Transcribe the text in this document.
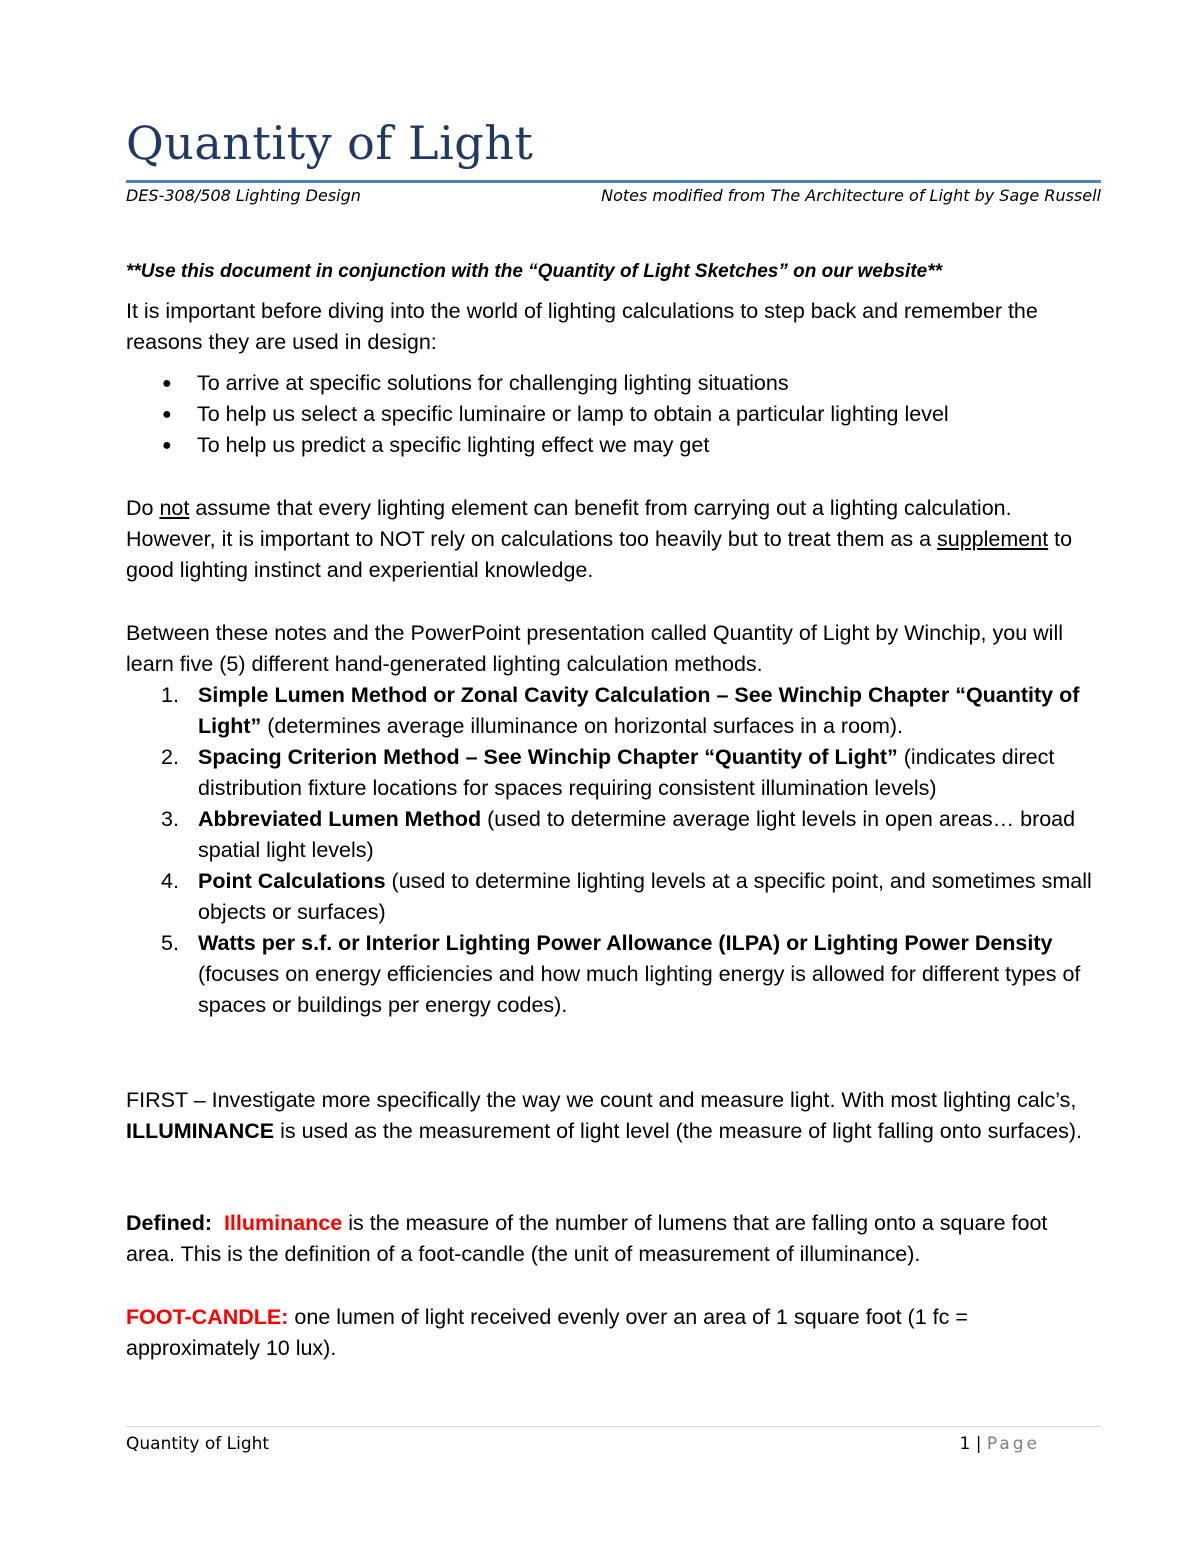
Quantity of Light
DES-308/508 Lighting Design	Notes modified from The Architecture of Light by Sage Russell
**Use this document in conjunction with the “Quantity of Light Sketches” on our website**

It is important before diving into the world of lighting calculations to step back and remember the reasons they are used in design:

● To arrive at specific solutions for challenging lighting situations
● To help us select a specific luminaire or lamp to obtain a particular lighting level
● To help us predict a specific lighting effect we may get

Do not assume that every lighting element can benefit from carrying out a lighting calculation. However, it is important to NOT rely on calculations too heavily but to treat them as a supplement to good lighting instinct and experiential knowledge.

Between these notes and the PowerPoint presentation called Quantity of Light by Winchip, you will learn five (5) different hand-generated lighting calculation methods.

1. Simple Lumen Method or Zonal Cavity Calculation – See Winchip Chapter “Quantity of Light” (determines average illuminance on horizontal surfaces in a room).
2. Spacing Criterion Method – See Winchip Chapter “Quantity of Light” (indicates direct distribution fixture locations for spaces requiring consistent illumination levels)
3. Abbreviated Lumen Method (used to determine average light levels in open areas… broad spatial light levels)
4. Point Calculations (used to determine lighting levels at a specific point, and sometimes small objects or surfaces)
5. Watts per s.f. or Interior Lighting Power Allowance (ILPA) or Lighting Power Density (focuses on energy efficiencies and how much lighting energy is allowed for different types of spaces or buildings per energy codes).

FIRST – Investigate more specifically the way we count and measure light. With most lighting calc’s, ILLUMINANCE is used as the measurement of light level (the measure of light falling onto surfaces).

Defined: Illuminance is the measure of the number of lumens that are falling onto a square foot area. This is the definition of a foot-candle (the unit of measurement of illuminance).

FOOT-CANDLE: one lumen of light received evenly over an area of 1 square foot (1 fc = approximately 10 lux).

Quantity of Light	1 | Page
